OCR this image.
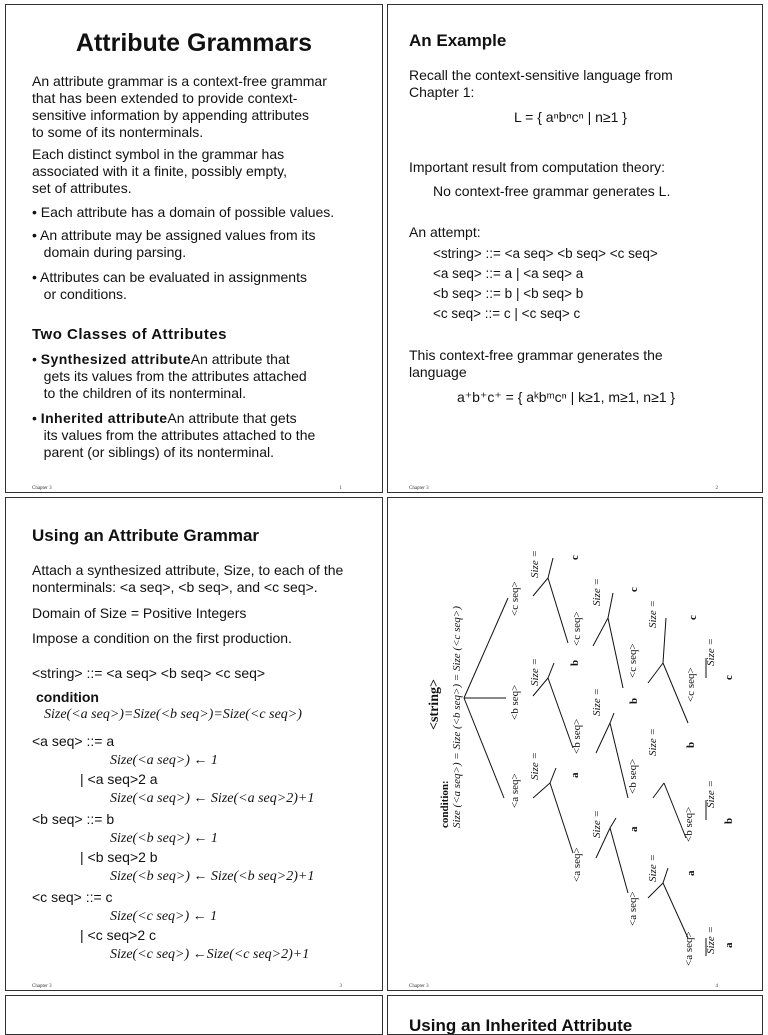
Attribute Grammars
An attribute grammar is a context-free grammar
that has been extended to provide context-
sensitive information by appending attributes
to some of its nonterminals.
Each distinct symbol in the grammar has
associated with it a finite, possibly empty,
set of attributes.
• Each attribute has a domain of possible values.
• An attribute may be assigned values from its
domain during parsing.
• Attributes can be evaluated in assignments
or conditions.
Two Classes of Attributes
• Synthesized attributeAn attribute that
gets its values from the attributes attached
to the children of its nonterminal.
• Inherited attributeAn attribute that gets
its values from the attributes attached to the
parent (or siblings) of its nonterminal.
Chapter 3	1
An Example
Recall the context-sensitive language from
Chapter 1:
L = { aⁿbⁿcⁿ | n≥1 }
Important result from computation theory:
No context-free grammar generates L.
An attempt:
<string> ::= <a seq> <b seq> <c seq>
<a seq> ::= a | <a seq> a
<b seq> ::= b | <b seq> b
<c seq> ::= c | <c seq> c
This context-free grammar generates the
language
a⁺b⁺c⁺ = { aᵏbᵐcⁿ | k≥1, m≥1, n≥1 }
Chapter 3	2
Using an Attribute Grammar
Attach a synthesized attribute, Size, to each of the
nonterminals: <a seq>, <b seq>, and <c seq>.
Domain of Size = Positive Integers
Impose a condition on the first production.
<string> ::= <a seq> <b seq> <c seq>
condition
Size(<a seq>)=Size(<b seq>)=Size(<c seq>)
<a seq> ::= a
Size(<a seq>) ← 1
| <a seq>2 a
Size(<a seq>) ← Size(<a seq>2)+1
<b seq> ::= b
Size(<b seq>) ← 1
| <b seq>2 b
Size(<b seq>) ← Size(<b seq>2)+1
<c seq> ::= c
Size(<c seq>) ← 1
| <c seq>2 c
Size(<c seq>) ←Size(<c seq>2)+1
Chapter 3	3
<string>
condition: Size (<a seq>) = Size (<b seq>) = Size (<c seq>)
<c seq>
Size =	c
<c seq>
Size = c
<c seq>
Size =	c
<c seq>
Size =
c
<b seq>
Size =	b
<b seq>
Size = b
<b seq>
Size = b
<b seq>
Size =
b
<a seq>
Size =	a
<a seq>
Size = a
<a seq>
Size = a
<a seq> Size = a
Chapter 3	4
Using an Inherited Attribute
